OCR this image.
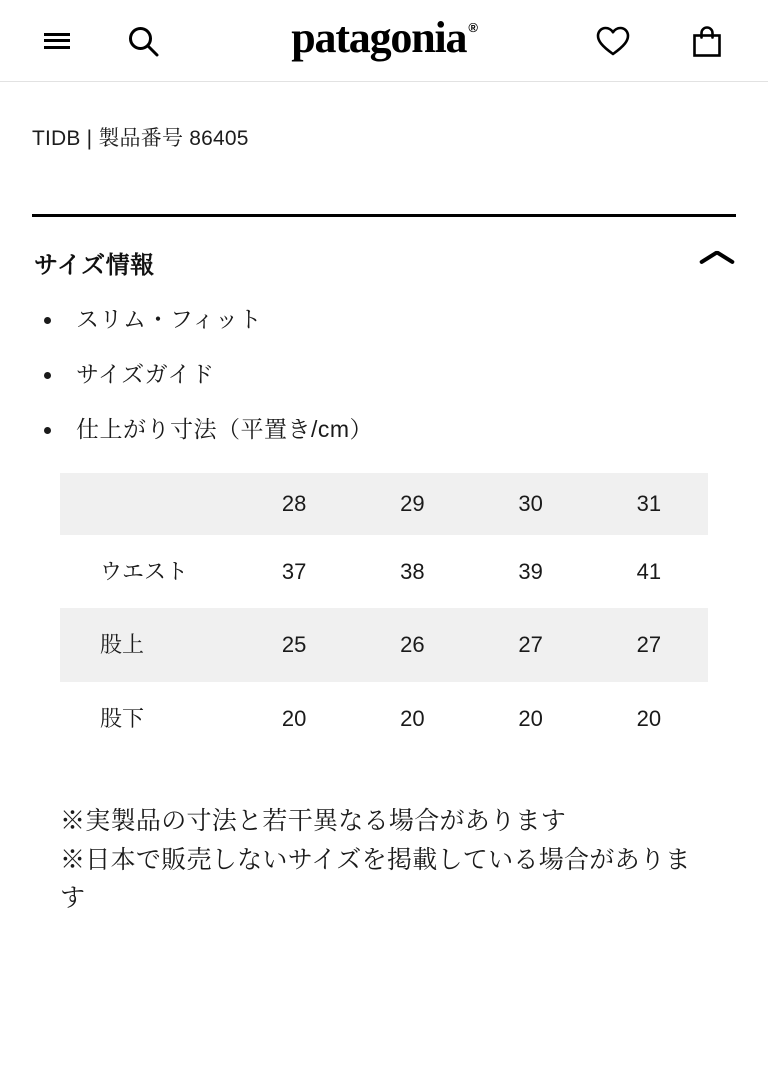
patagonia ®
TIDB | 製品番号 86405
サイズ情報
スリム・フィット
サイズガイド
仕上がり寸法（平置き/cm）
	28	29	30	31
ウエスト	37	38	39	41
股上	25	26	27	27
股下	20	20	20	20
※実製品の寸法と若干異なる場合があります
※日本で販売しないサイズを掲載している場合があります
